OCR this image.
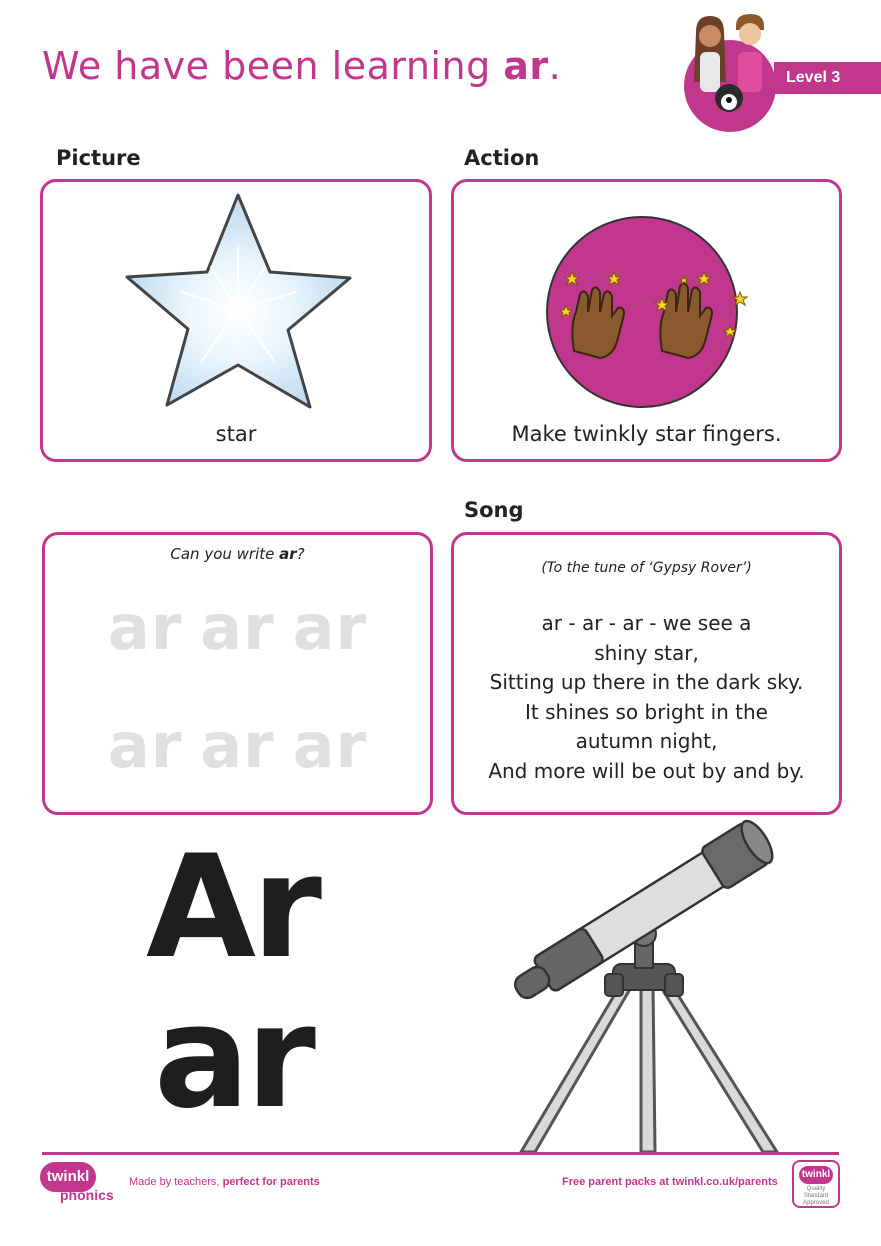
We have been learning ar.	Level 3
Picture	Action
Song
star	Make twinkly star fingers.
Can you write ar?
ar ar ar
ar ar ar
(To the tune of ‘Gypsy Rover’)
ar - ar - ar - we see a
shiny star,
Sitting up there in the dark sky.
It shines so bright in the
autumn night,
And more will be out by and by.
Ar
ar
twinkl
phonics
Made by teachers, perfect for parents	Free parent packs at twinkl.co.uk/parents
twinkl
Quality Standard Approved
